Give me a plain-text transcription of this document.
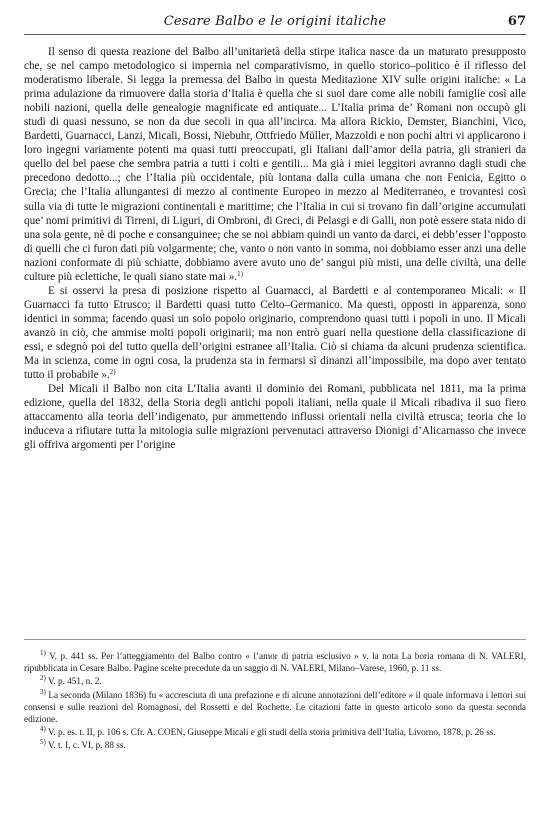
Cesare Balbo e le origini italiche	67

Il senso di questa reazione del Balbo all’unitarietà della stirpe italica nasce da un maturato presupposto che, se nel campo metodologico si impernia nel comparativismo, in quello storico–politico è il riflesso del moderatismo liberale. Si legga la premessa del Balbo in questa Meditazione XIV sulle origini italiche: « La prima adulazione da rimuovere dalla storia d’Italia è quella che si suol dare come alle nobili famiglie così alle nobili nazioni, quella delle genealogie magnificate ed antiquate... L’Italia prima de’ Romani non occupò gli studi di quasi nessuno, se non da due secoli in qua all’incirca. Ma allora Rickio, Demster, Bianchini, Vico, Bardetti, Guarnacci, Lanzi, Micali, Bossi, Niebuhr, Ottfriedo Müller, Mazzoldi e non pochi altri vi applicarono i loro ingegni variamente potenti ma quasi tutti preoccupati, gli Italiani dall’amor della patria, gli stranieri da quello del bel paese che sembra patria a tutti i colti e gentili... Ma già i miei leggitori avranno dagli studi che precedono dedotto...; che l’Italia più occidentale, più lontana dalla culla umana che non Fenicia, Egitto o Grecia; che l’Italia allungantesi di mezzo al continente Europeo in mezzo al Mediterraneo, e trovantesi così sulla via di tutte le migrazioni continentali e marittime; che l’Italia in cui si trovano fin dall’origine accumulati que’ nomi primitivi di Tirreni, di Liguri, di Ombroni, di Greci, di Pelasgi e di Galli, non potè essere stata nido di una sola gente, nè di poche e consanguinee; che se noi abbiam quindi un vanto da darci, ei debb’esser l’opposto di quelli che ci furon dati più volgarmente; che, vanto o non vanto in somma, noi dobbiamo esser anzi una delle nazioni conformate di più schiatte, dobbiamo avere avuto uno de’ sangui più misti, una delle civiltà, una delle culture più eclettiche, le quali siano state mai ».$^{1)}$

E si osservi la presa di posizione rispetto al Guarnacci, al Bardetti e al contemporaneo Micali: « Il Guarnacci fa tutto Etrusco; il Bardetti quasi tutto Celto–Germanico. Ma questi, opposti in apparenza, sono identici in somma; facendo quasi un solo popolo originario, comprendono quasi tutti i popoli in uno. Il Micali avanzò in ciò, che ammise molti popoli originarii; ma non entrò guari nella questione della classificazione di essi, e sdegnò poi del tutto quella dell’origini estranee all’Italia. Ciò si chiama da alcuni prudenza scientifica. Ma in scienza, come in ogni cosa, la prudenza sta in fermarsi sì dinanzi all’impossibile, ma dopo aver tentato tutto il probabile ».$^{2)}$

Del Micali il Balbo non cita L’Italia avanti il dominio dei Romani, pubblicata nel 1811, ma la prima edizione, quella del 1832, della Storia degli antichi popoli italiani, nella quale il Micali ribadiva il suo fiero attaccamento alla teoria dell’indigenato, pur ammettendo influssi orientali nella civiltà etrusca; teoria che lo induceva a rifiutare tutta la mitologia sulle migrazioni pervenutaci attraverso Dionigi d’Alicarnasso che invece gli offriva argomenti per l’origine

$^{1)}$ V. p. 441 ss. Per l’atteggiamento del Balbo contro « l’amor di patria esclusivo » v. la nota La boria romana di N. VALERI, ripubblicata in Cesare Balbo. Pagine scelte precedute da un saggio di N. VALERI, Milano–Varese, 1960, p. 11 ss.

$^{2)}$ V. p. 451, n. 2.

$^{3)}$ La seconda (Milano 1836) fu « accresciuta di una prefazione e di alcune annotazioni dell’editore » il quale informava i lettori sui consensi e sulle reazioni del Romagnosi, del Rossetti e del Rochette. Le citazioni fatte in questo articolo sono da questa seconda edizione.

$^{4)}$ V. p. es. t. II, p. 106 s. Cfr. A. COEN, Giuseppe Micali e gli studi della storia primitiva dell’Italia, Livorno, 1878, p. 26 ss.

$^{5)}$ V. t. I, c. VI, p. 88 ss.
